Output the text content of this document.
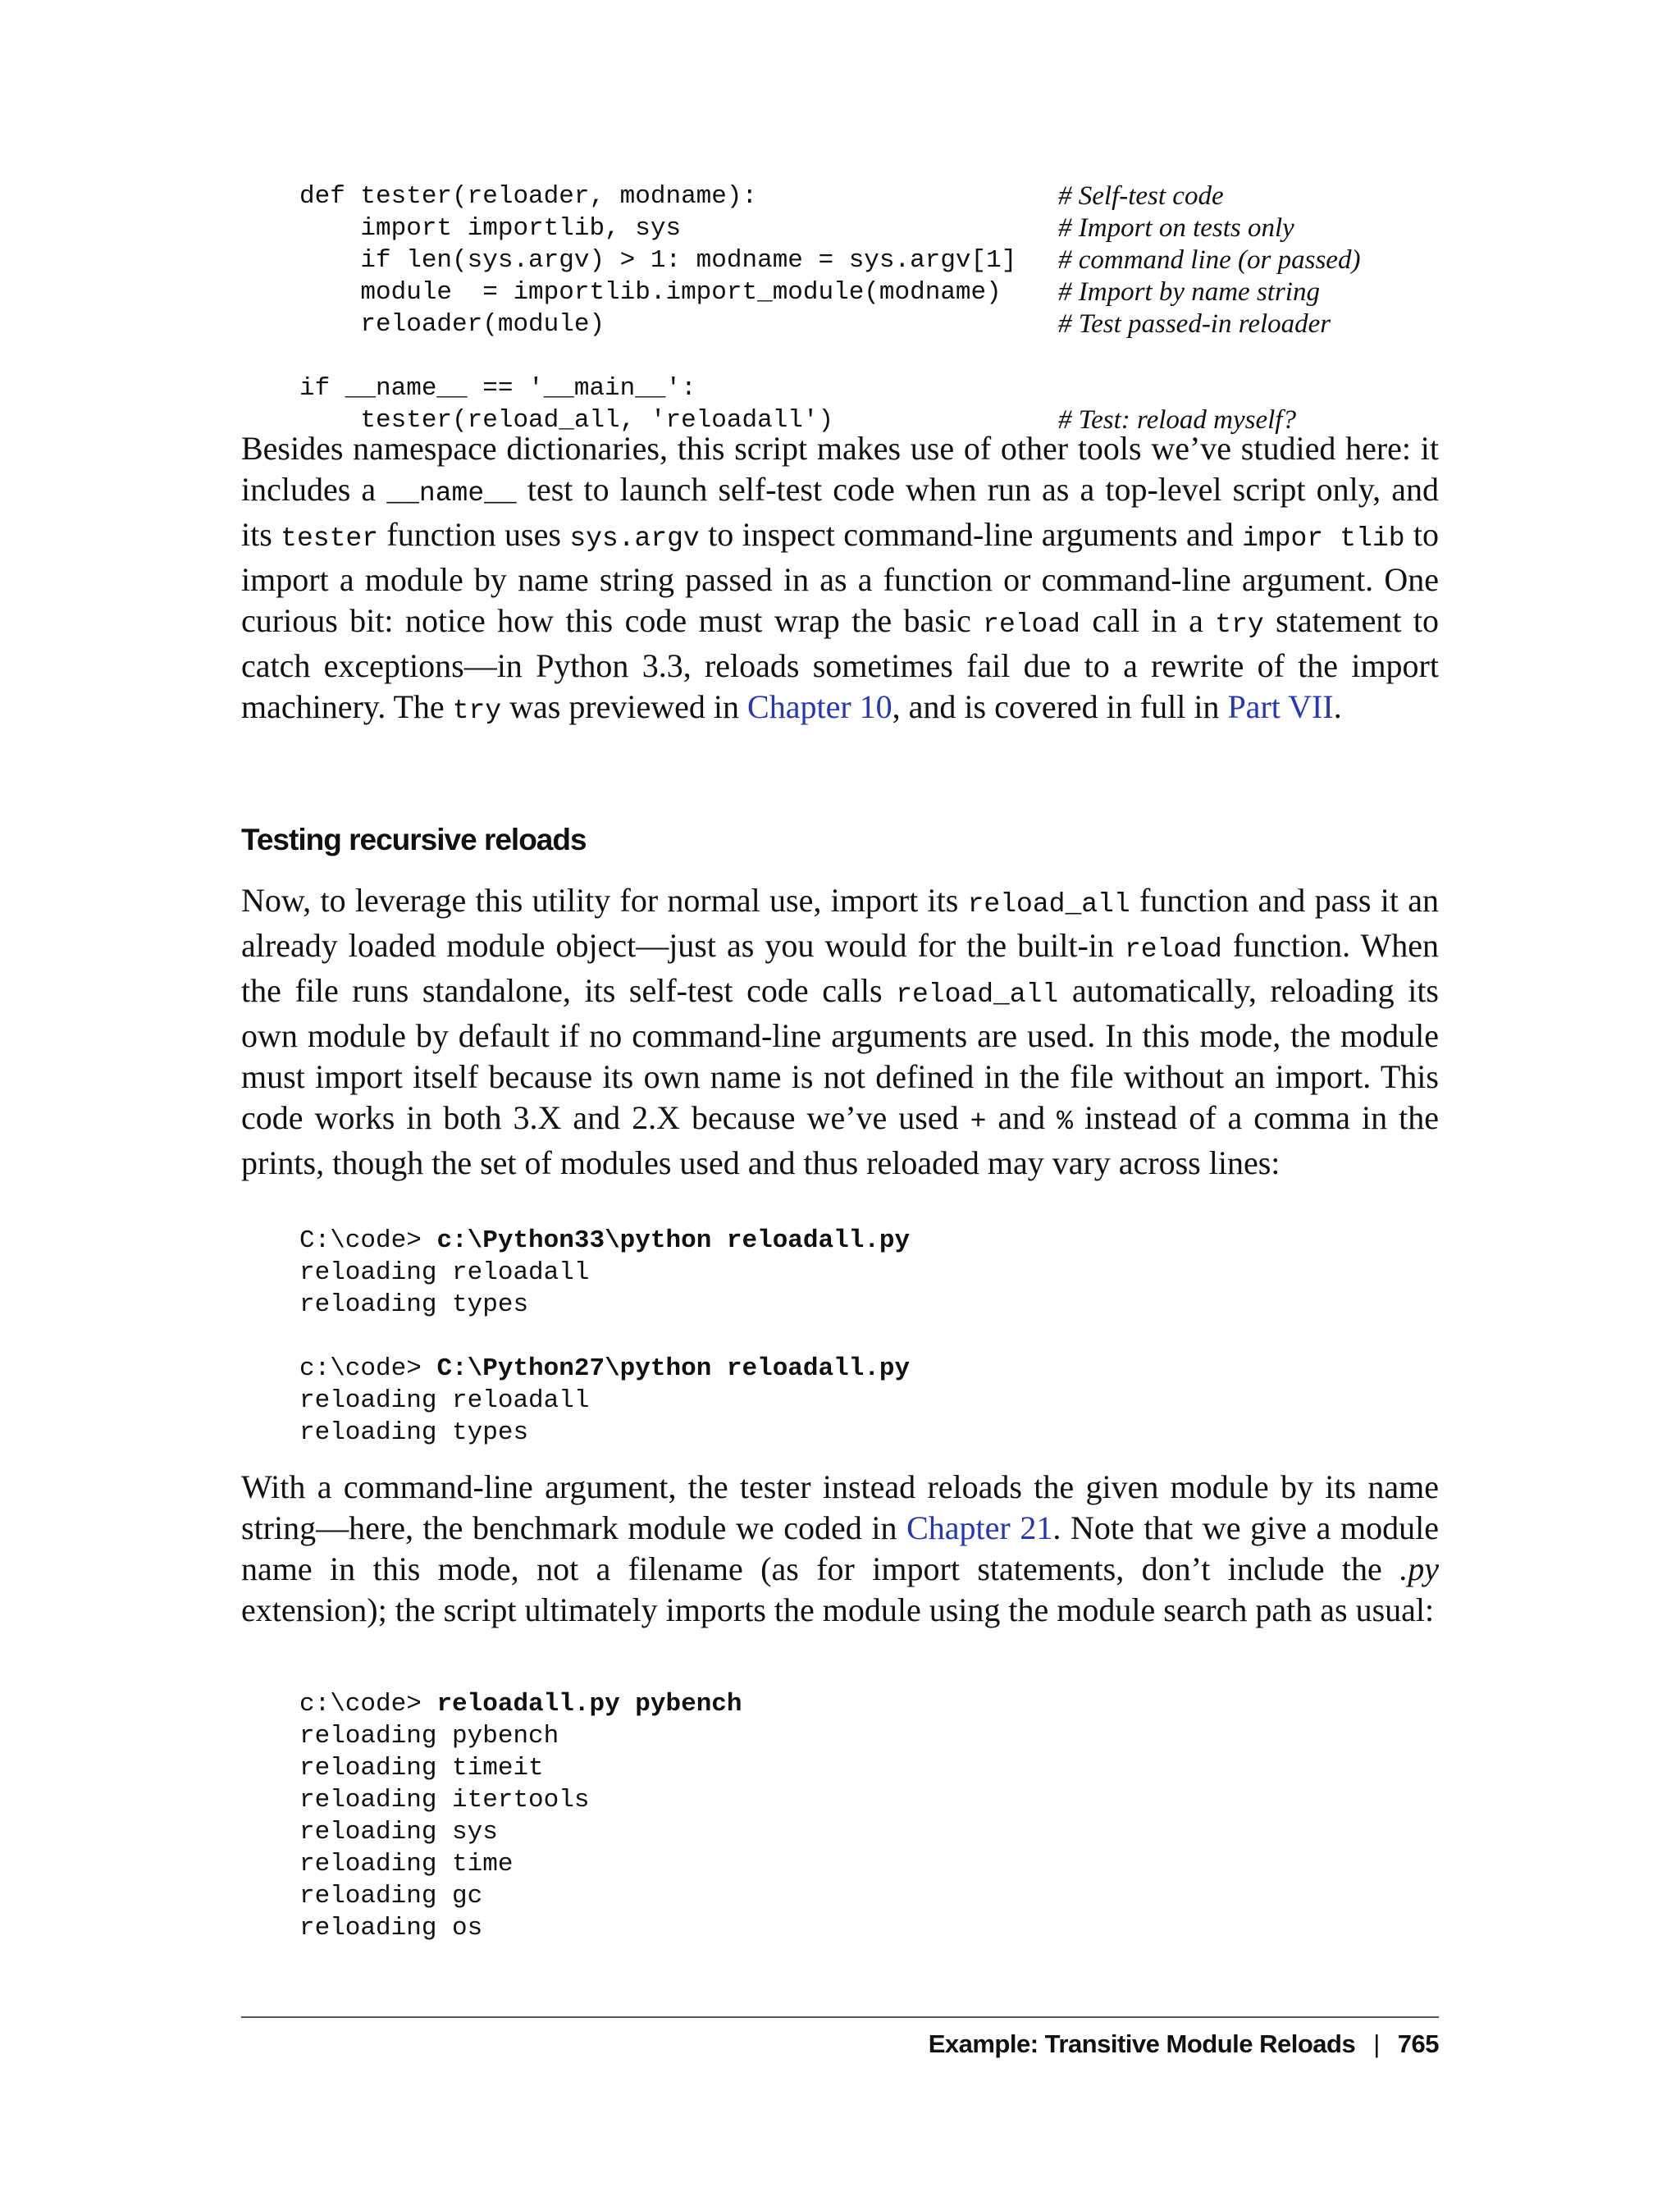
def tester(reloader, modname):	# Self-test code
import importlib, sys	# Import on tests only
if len(sys.argv) > 1: modname = sys.argv[1] # command line (or passed)
module  = importlib.import_module(modname) # Import by name string
reloader(module)	# Test passed-in reloader
if __name__ == '__main__':
tester(reload_all, 'reloadall')	# Test: reload myself?

Besides namespace dictionaries, this script makes use of other tools we’ve studied here: it includes a __name__ test to launch self-test code when run as a top-level script only, and its tester function uses sys.argv to inspect command-line arguments and impor tlib to import a module by name string passed in as a function or command-line argument. One curious bit: notice how this code must wrap the basic reload call in a try statement to catch exceptions—in Python 3.3, reloads sometimes fail due to a rewrite of the import machinery. The try was previewed in Chapter 10, and is covered in full in Part VII.

Testing recursive reloads

Now, to leverage this utility for normal use, import its reload_all function and pass it an already loaded module object—just as you would for the built-in reload function. When the file runs standalone, its self-test code calls reload_all automatically, reloading its own module by default if no command-line arguments are used. In this mode, the module must import itself because its own name is not defined in the file without an import. This code works in both 3.X and 2.X because we’ve used + and % instead of a comma in the prints, though the set of modules used and thus reloaded may vary across lines:

C:\code> c:\Python33\python reloadall.py
reloading reloadall
reloading types
c:\code> C:\Python27\python reloadall.py
reloading reloadall
reloading types

With a command-line argument, the tester instead reloads the given module by its name string—here, the benchmark module we coded in Chapter 21. Note that we give a module name in this mode, not a filename (as for import statements, don’t include the .py extension); the script ultimately imports the module using the module search path as usual:

c:\code> reloadall.py pybench
reloading pybench
reloading timeit
reloading itertools
reloading sys
reloading time
reloading gc
reloading os
Example: Transitive Module Reloads | 765
